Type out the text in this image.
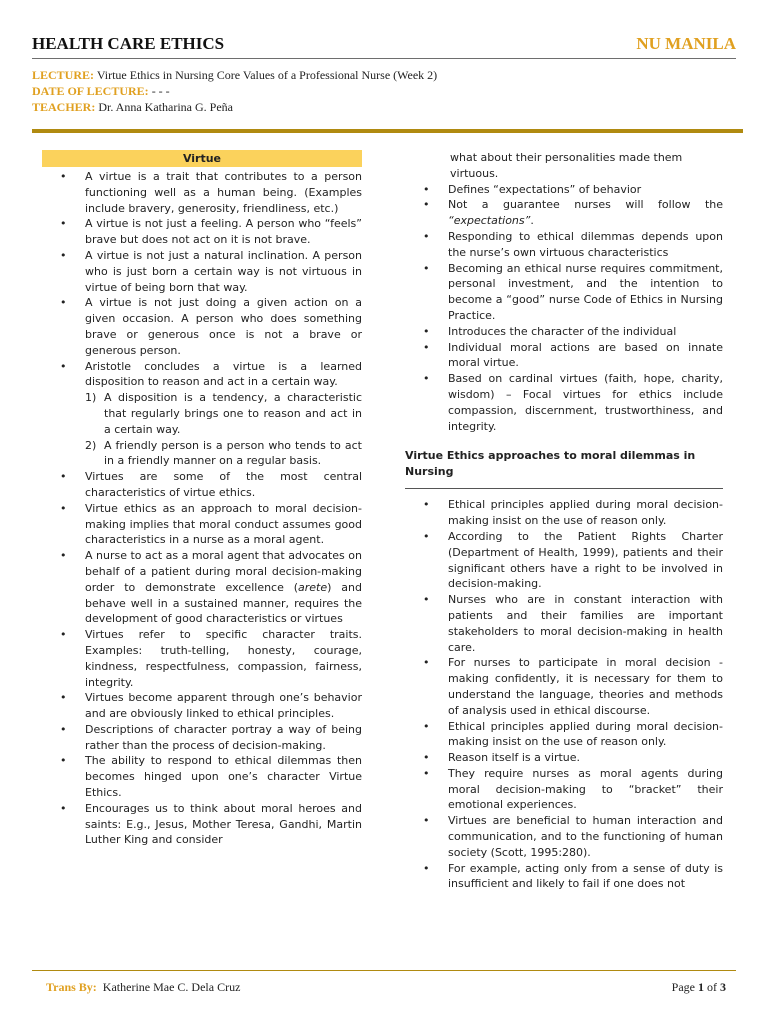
HEALTH CARE ETHICS	NU MANILA
LECTURE: Virtue Ethics in Nursing Core Values of a Professional Nurse (Week 2)
DATE OF LECTURE: - - -
TEACHER: Dr. Anna Katharina G. Peña
Virtue
• A virtue is a trait that contributes to a person functioning well as a human being. (Examples include bravery, generosity, friendliness, etc.)
• A virtue is not just a feeling. A person who “feels” brave but does not act on it is not brave.
• A virtue is not just a natural inclination. A person who is just born a certain way is not virtuous in virtue of being born that way.
• A virtue is not just doing a given action on a given occasion. A person who does something brave or generous once is not a brave or generous person.
• Aristotle concludes a virtue is a learned disposition to reason and act in a certain way.
1) A disposition is a tendency, a characteristic that regularly brings one to reason and act in a certain way.
2) A friendly person is a person who tends to act in a friendly manner on a regular basis.
• Virtues are some of the most central characteristics of virtue ethics.
• Virtue ethics as an approach to moral decision-making implies that moral conduct assumes good characteristics in a nurse as a moral agent.
• A nurse to act as a moral agent that advocates on behalf of a patient during moral decision-making order to demonstrate excellence (arete) and behave well in a sustained manner, requires the development of good characteristics or virtues
• Virtues refer to specific character traits. Examples: truth-telling, honesty, courage, kindness, respectfulness, compassion, fairness, integrity.
• Virtues become apparent through one’s behavior and are obviously linked to ethical principles.
• Descriptions of character portray a way of being rather than the process of decision-making.
• The ability to respond to ethical dilemmas then becomes hinged upon one’s character Virtue Ethics.
• Encourages us to think about moral heroes and saints: E.g., Jesus, Mother Teresa, Gandhi, Martin Luther King and consider
what about their personalities made them virtuous.
• Defines “expectations” of behavior
• Not a guarantee nurses will follow the “expectations”.
• Responding to ethical dilemmas depends upon the nurse’s own virtuous characteristics
• Becoming an ethical nurse requires commitment, personal investment, and the intention to become a “good” nurse Code of Ethics in Nursing Practice.
• Introduces the character of the individual
• Individual moral actions are based on innate moral virtue.
• Based on cardinal virtues (faith, hope, charity, wisdom) – Focal virtues for ethics include compassion, discernment, trustworthiness, and integrity.
Virtue Ethics approaches to moral dilemmas in Nursing
• Ethical principles applied during moral decision-making insist on the use of reason only.
• According to the Patient Rights Charter (Department of Health, 1999), patients and their significant others have a right to be involved in decision-making.
• Nurses who are in constant interaction with patients and their families are important stakeholders to moral decision-making in health care.
• For nurses to participate in moral decision - making confidently, it is necessary for them to understand the language, theories and methods of analysis used in ethical discourse.
• Ethical principles applied during moral decision-making insist on the use of reason only.
• Reason itself is a virtue.
• They require nurses as moral agents during moral decision-making to “bracket” their emotional experiences.
• Virtues are beneficial to human interaction and communication, and to the functioning of human society (Scott, 1995:280).
• For example, acting only from a sense of duty is insufficient and likely to fail if one does not
Trans By: Katherine Mae C. Dela Cruz	Page 1 of 3
